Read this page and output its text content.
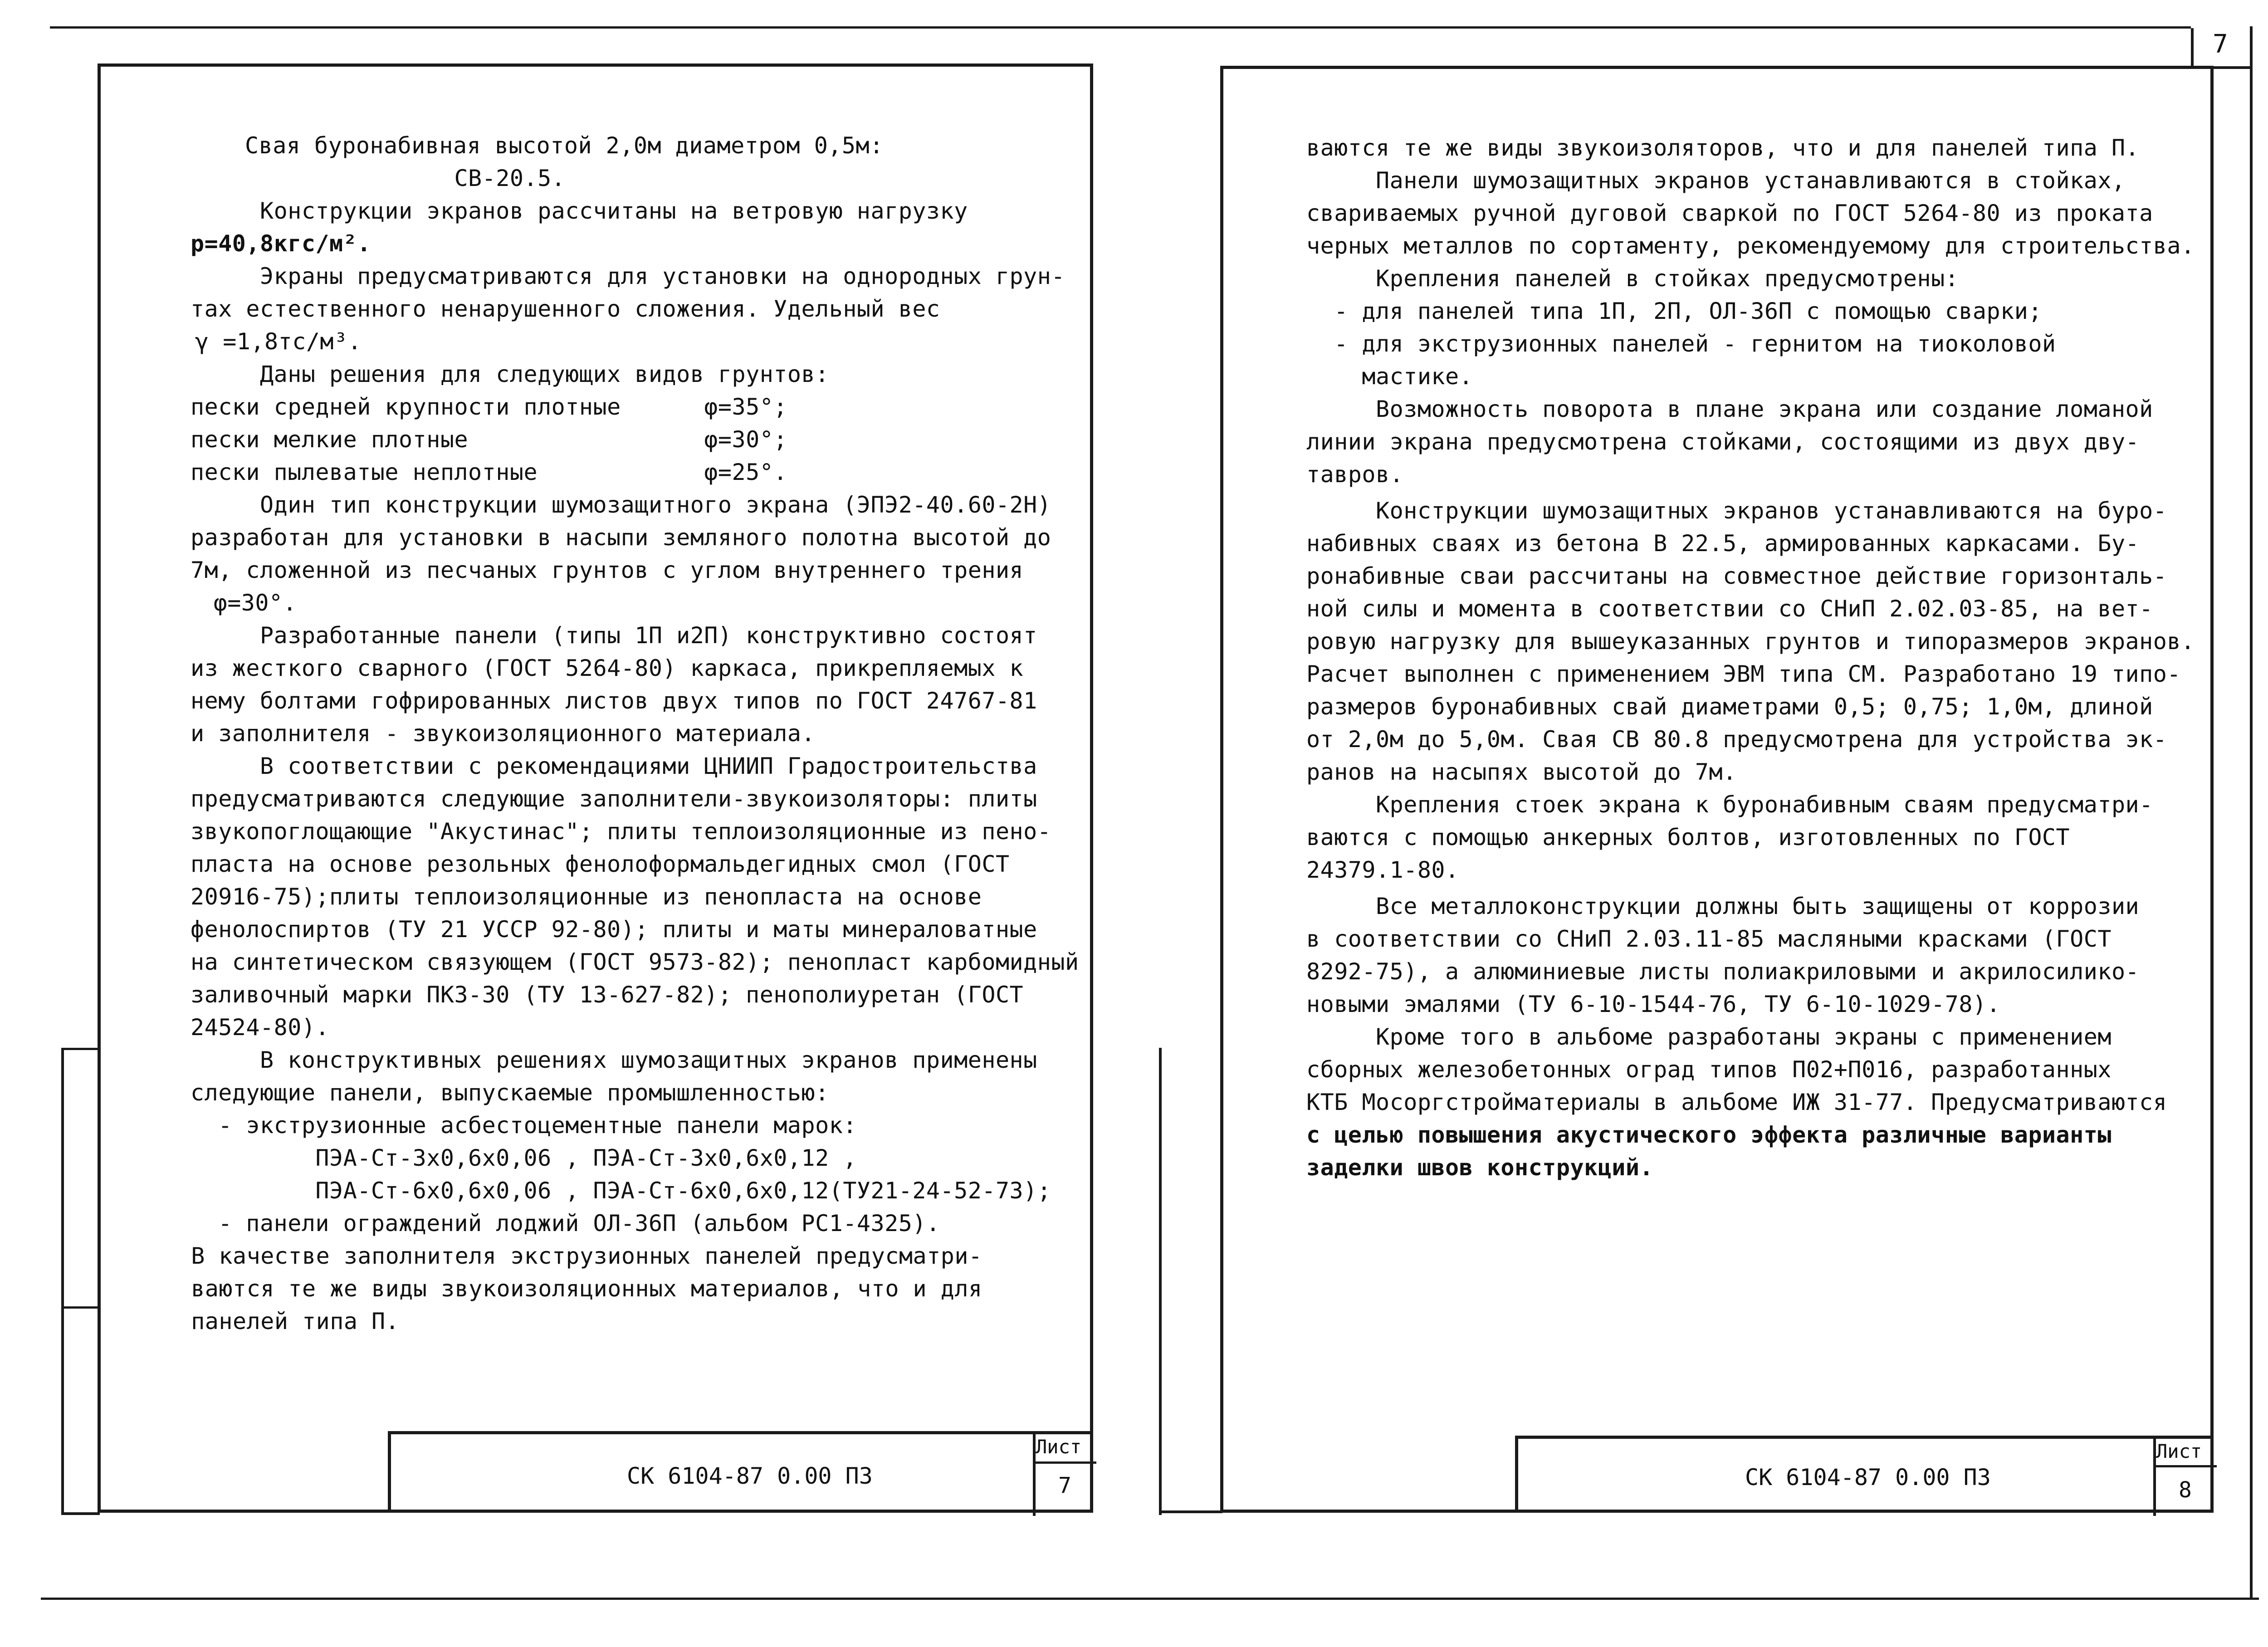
7
Свая буронабивная высотой 2,0м диаметром 0,5м:
СВ-20.5.
Конструкции экранов рассчитаны на ветровую нагрузку
р=40,8кгс/м².
Экраны предусматриваются для установки на однородных грун-
тах естественного ненарушенного сложения. Удельный вес
γ =1,8тс/м³.
Даны решения для следующих видов грунтов:
пески средней крупности плотные      φ=35°;
пески мелкие плотные                 φ=30°;
пески пылеватые неплотные            φ=25°.
Один тип конструкции шумозащитного экрана (ЭПЭ2-40.60-2Н)
разработан для установки в насыпи земляного полотна высотой до
7м, сложенной из песчаных грунтов с углом внутреннего трения
φ=30°.
Разработанные панели (типы 1П и2П) конструктивно состоят
из жесткого сварного (ГОСТ 5264-80) каркаса, прикрепляемых к
нему болтами гофрированных листов двух типов по ГОСТ 24767-81
и заполнителя - звукоизоляционного материала.
В соответствии с рекомендациями ЦНИИП Градостроительства
предусматриваются следующие заполнители-звукоизоляторы: плиты
звукопоглощающие "Акустинас"; плиты теплоизоляционные из пено-
пласта на основе резольных фенолоформальдегидных смол (ГОСТ
20916-75);плиты теплоизоляционные из пенопласта на основе
фенолоспиртов (ТУ 21 УССР 92-80); плиты и маты минераловатные
на синтетическом связующем (ГОСТ 9573-82); пенопласт карбомидный
заливочный марки ПКЗ-30 (ТУ 13-627-82); пенополиуретан (ГОСТ
24524-80).
В конструктивных решениях шумозащитных экранов применены
следующие панели, выпускаемые промышленностью:
- экструзионные асбестоцементные панели марок:
ПЭА-Ст-3х0,6х0,06 , ПЭА-Ст-3х0,6х0,12 ,
ПЭА-Ст-6х0,6х0,06 , ПЭА-Ст-6х0,6х0,12(ТУ21-24-52-73);
- панели ограждений лоджий ОЛ-36П (альбом РС1-4325).
В качестве заполнителя экструзионных панелей предусматри-
ваются те же виды звукоизоляционных материалов, что и для
панелей типа П.
СК 6104-87 0.00 ПЗ
Лист
7
ваются те же виды звукоизоляторов, что и для панелей типа П.
Панели шумозащитных экранов устанавливаются в стойках,
свариваемых ручной дуговой сваркой по ГОСТ 5264-80 из проката
черных металлов по сортаменту, рекомендуемому для строительства.
Крепления панелей в стойках предусмотрены:
- для панелей типа 1П, 2П, ОЛ-36П с помощью сварки;
- для экструзионных панелей - гернитом на тиоколовой
мастике.
Возможность поворота в плане экрана или создание ломаной
линии экрана предусмотрена стойками, состоящими из двух дву-
тавров.
Конструкции шумозащитных экранов устанавливаются на буро-
набивных сваях из бетона В 22.5, армированных каркасами. Бу-
ронабивные сваи рассчитаны на совместное действие горизонталь-
ной силы и момента в соответствии со СНиП 2.02.03-85, на вет-
ровую нагрузку для вышеуказанных грунтов и типоразмеров экранов.
Расчет выполнен с применением ЭВМ типа СМ. Разработано 19 типо-
размеров буронабивных свай диаметрами 0,5; 0,75; 1,0м, длиной
от 2,0м до 5,0м. Свая СВ 80.8 предусмотрена для устройства эк-
ранов на насыпях высотой до 7м.
Крепления стоек экрана к буронабивным сваям предусматри-
ваются с помощью анкерных болтов, изготовленных по ГОСТ
24379.1-80.
Все металлоконструкции должны быть защищены от коррозии
в соответствии со СНиП 2.03.11-85 масляными красками (ГОСТ
8292-75), а алюминиевые листы полиакриловыми и акрилосилико-
новыми эмалями (ТУ 6-10-1544-76, ТУ 6-10-1029-78).
Кроме того в альбоме разработаны экраны с применением
сборных железобетонных оград типов П02+П016, разработанных
КТБ Мосоргстройматериалы в альбоме ИЖ 31-77. Предусматриваются
с целью повышения акустического эффекта различные варианты
заделки швов конструкций.
СК 6104-87 0.00 ПЗ
Лист
8
